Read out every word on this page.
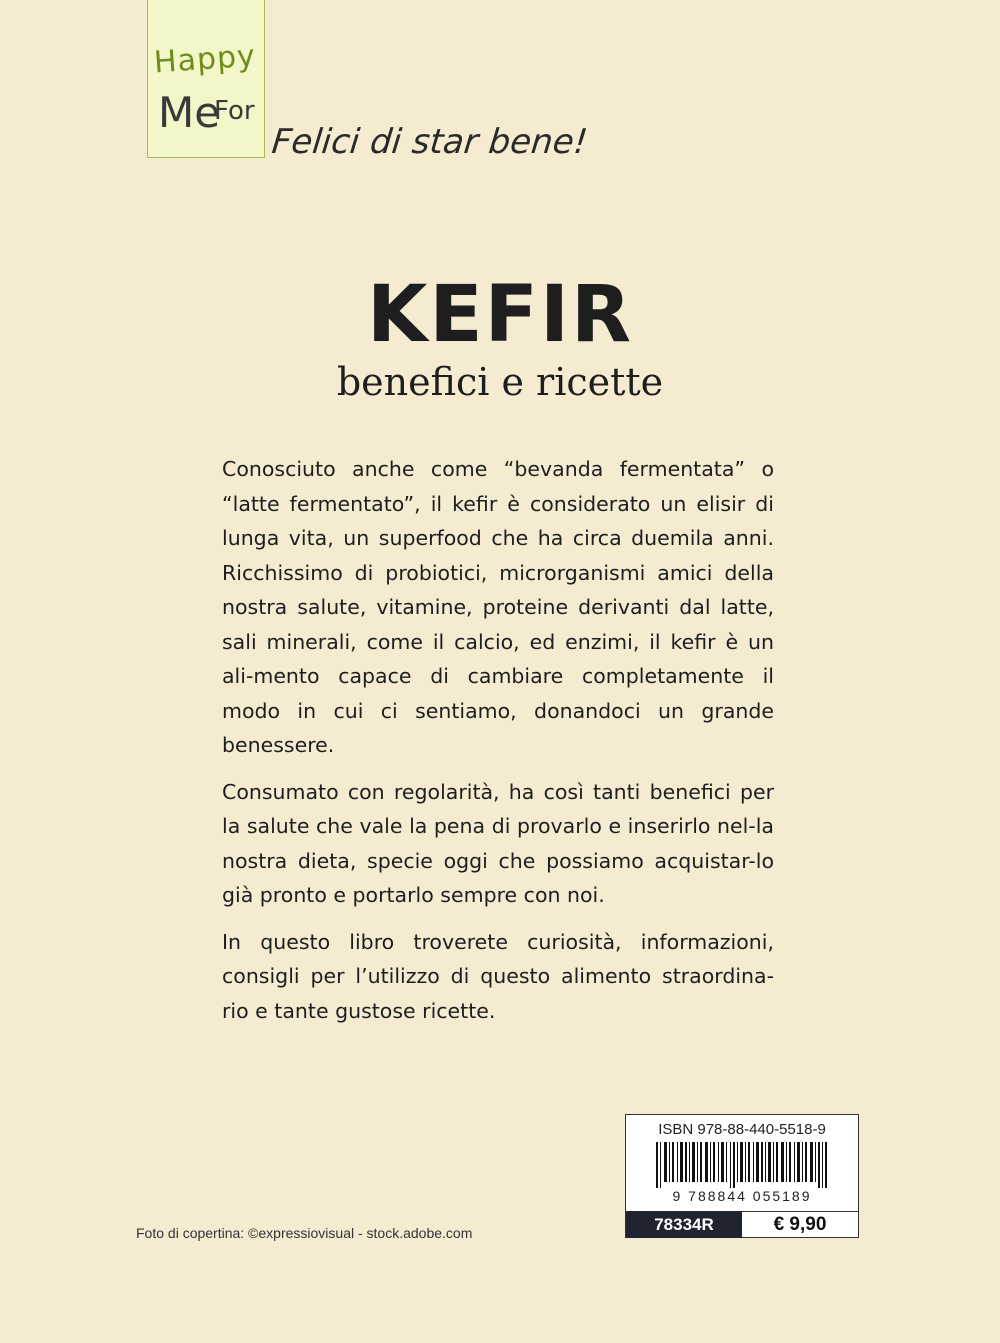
Happy
Me
For
Felici di star bene!
KEFIR
benefici e ricette

Conosciuto anche come “bevanda fermentata” o “latte fermentato”, il kefir è considerato un elisir di lunga vita, un superfood che ha circa duemila anni. Ricchissimo di probiotici, microrganismi amici della nostra salute, vitamine, proteine derivanti dal latte, sali minerali, come il calcio, ed enzimi, il kefir è un ali-mento capace di cambiare completamente il modo in cui ci sentiamo, donandoci un grande benessere.

Consumato con regolarità, ha così tanti benefici per la salute che vale la pena di provarlo e inserirlo nel-la nostra dieta, specie oggi che possiamo acquistar-lo già pronto e portarlo sempre con noi.

In questo libro troverete curiosità, informazioni, consigli per l’utilizzo di questo alimento straordina-rio e tante gustose ricette.

ISBN 978-88-440-5518-9
9 788844 055189
78334R	€ 9,90
Foto di copertina: ©expressiovisual - stock.adobe.com
